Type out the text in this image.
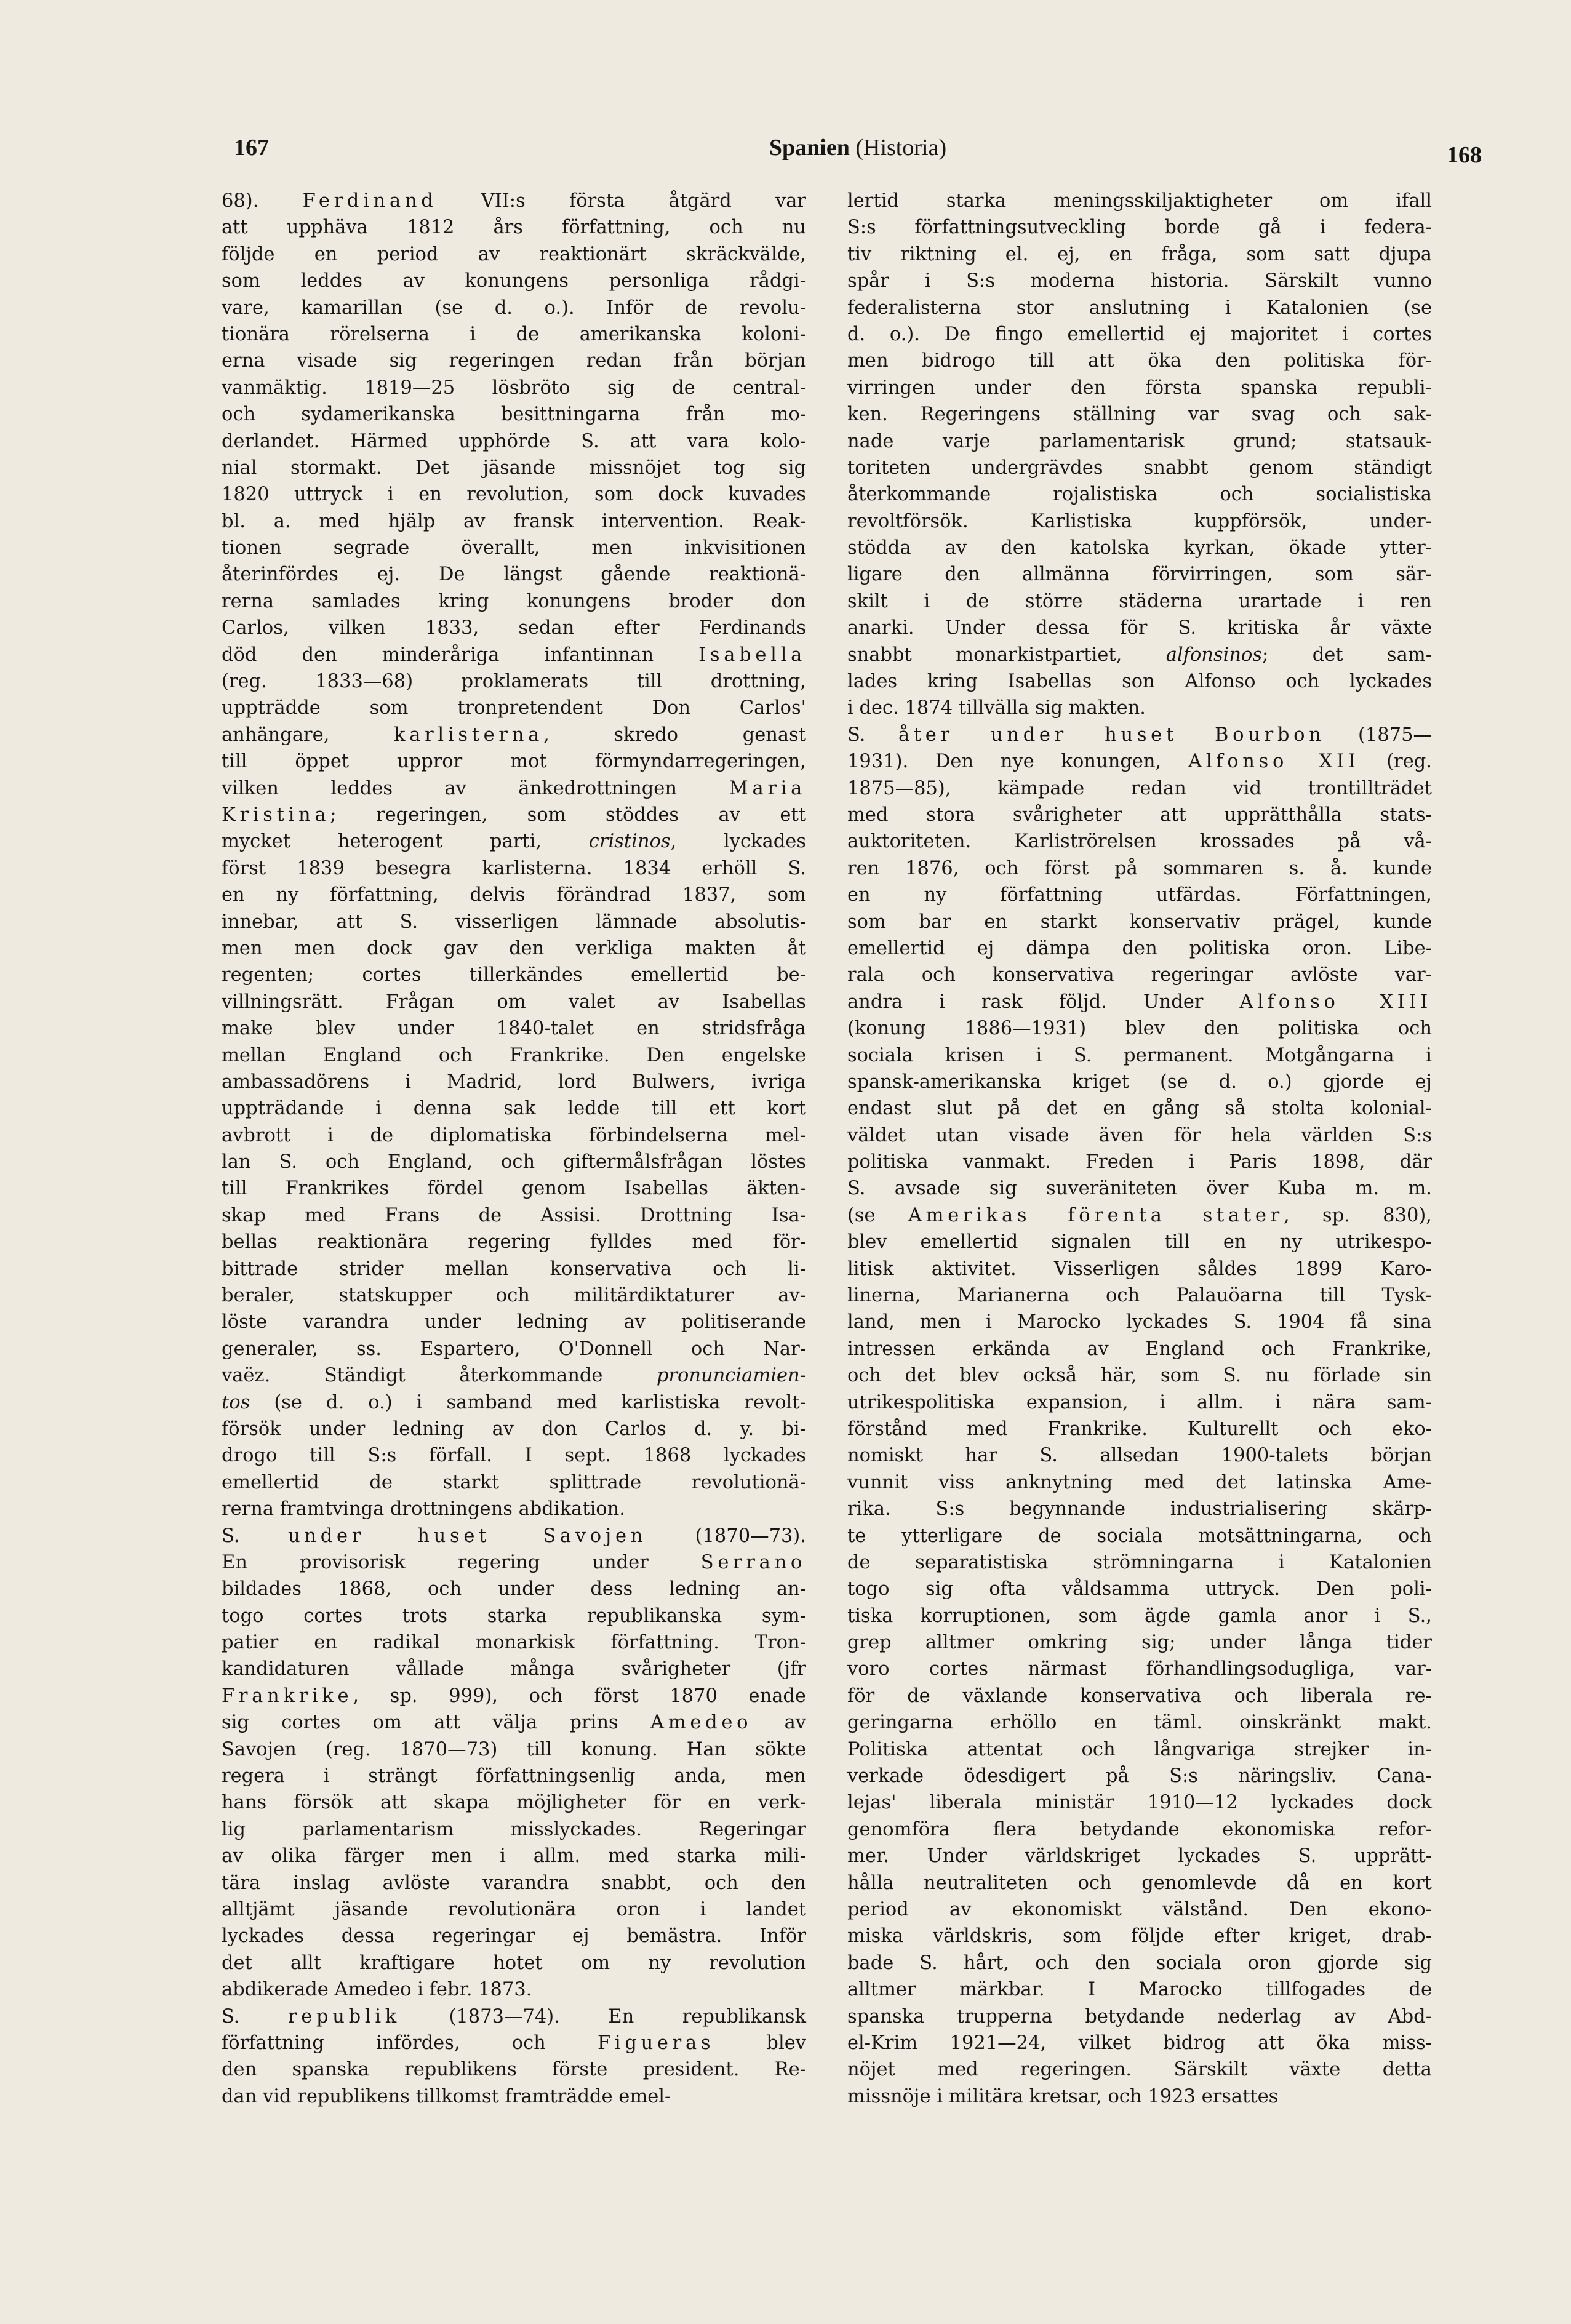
167	Spanien (Historia)	168
68). Ferdinand VII:s första åtgärd var
att upphäva 1812 års författning, och nu
följde en period av reaktionärt skräckvälde,
som leddes av konungens personliga rådgi-
vare, kamarillan (se d. o.). Inför de revolu-
tionära rörelserna i de amerikanska koloni-
erna visade sig regeringen redan från början
vanmäktig. 1819—25 lösbröto sig de central-
och sydamerikanska besittningarna från mo-
derlandet. Härmed upphörde S. att vara kolo-
nial stormakt. Det jäsande missnöjet tog sig
1820 uttryck i en revolution, som dock kuvades
bl. a. med hjälp av fransk intervention. Reak-
tionen segrade överallt, men inkvisitionen
återinfördes ej. De längst gående reaktionä-
rerna samlades kring konungens broder don
Carlos, vilken 1833, sedan efter Ferdinands
död den minderåriga infantinnan Isabella
(reg. 1833—68) proklamerats till drottning,
uppträdde som tronpretendent Don Carlos'
anhängare, karlisterna, skredo genast
till öppet uppror mot förmyndarregeringen,
vilken leddes av änkedrottningen Maria
Kristina; regeringen, som stöddes av ett
mycket heterogent parti, cristinos, lyckades
först 1839 besegra karlisterna. 1834 erhöll S.
en ny författning, delvis förändrad 1837, som
innebar, att S. visserligen lämnade absolutis-
men men dock gav den verkliga makten åt
regenten; cortes tillerkändes emellertid be-
villningsrätt. Frågan om valet av Isabellas
make blev under 1840-talet en stridsfråga
mellan England och Frankrike. Den engelske
ambassadörens i Madrid, lord Bulwers, ivriga
uppträdande i denna sak ledde till ett kort
avbrott i de diplomatiska förbindelserna mel-
lan S. och England, och giftermålsfrågan löstes
till Frankrikes fördel genom Isabellas äkten-
skap med Frans de Assisi. Drottning Isa-
bellas reaktionära regering fylldes med för-
bittrade strider mellan konservativa och li-
beraler, statskupper och militärdiktaturer av-
löste varandra under ledning av politiserande
generaler, ss. Espartero, O'Donnell och Nar-
vaëz. Ständigt återkommande pronunciamien-
tos (se d. o.) i samband med karlistiska revolt-
försök under ledning av don Carlos d. y. bi-
drogo till S:s förfall. I sept. 1868 lyckades
emellertid de starkt splittrade revolutionä-
rerna framtvinga drottningens abdikation.
S. under huset Savojen (1870—73).
En provisorisk regering under Serrano
bildades 1868, och under dess ledning an-
togo cortes trots starka republikanska sym-
patier en radikal monarkisk författning. Tron-
kandidaturen vållade många svårigheter (jfr
Frankrike, sp. 999), och först 1870 enade
sig cortes om att välja prins Amedeo av
Savojen (reg. 1870—73) till konung. Han sökte
regera i strängt författningsenlig anda, men
hans försök att skapa möjligheter för en verk-
lig parlamentarism misslyckades. Regeringar
av olika färger men i allm. med starka mili-
tära inslag avlöste varandra snabbt, och den
alltjämt jäsande revolutionära oron i landet
lyckades dessa regeringar ej bemästra. Inför
det allt kraftigare hotet om ny revolution
abdikerade Amedeo i febr. 1873.
S. republik (1873—74). En republikansk
författning infördes, och Figueras blev
den spanska republikens förste president. Re-
dan vid republikens tillkomst framträdde emel-
lertid starka meningsskiljaktigheter om ifall
S:s författningsutveckling borde gå i federa-
tiv riktning el. ej, en fråga, som satt djupa
spår i S:s moderna historia. Särskilt vunno
federalisterna stor anslutning i Katalonien (se
d. o.). De fingo emellertid ej majoritet i cortes
men bidrogo till att öka den politiska för-
virringen under den första spanska republi-
ken. Regeringens ställning var svag och sak-
nade varje parlamentarisk grund; statsauk-
toriteten undergrävdes snabbt genom ständigt
återkommande rojalistiska och socialistiska
revoltförsök. Karlistiska kuppförsök, under-
stödda av den katolska kyrkan, ökade ytter-
ligare den allmänna förvirringen, som sär-
skilt i de större städerna urartade i ren
anarki. Under dessa för S. kritiska år växte
snabbt monarkistpartiet, alfonsinos; det sam-
lades kring Isabellas son Alfonso och lyckades
i dec. 1874 tillvälla sig makten.
S. åter under huset Bourbon (1875—
1931). Den nye konungen, Alfonso XII (reg.
1875—85), kämpade redan vid trontillträdet
med stora svårigheter att upprätthålla stats-
auktoriteten. Karliströrelsen krossades på vå-
ren 1876, och först på sommaren s. å. kunde
en ny författning utfärdas. Författningen,
som bar en starkt konservativ prägel, kunde
emellertid ej dämpa den politiska oron. Libe-
rala och konservativa regeringar avlöste var-
andra i rask följd. Under Alfonso XIII
(konung 1886—1931) blev den politiska och
sociala krisen i S. permanent. Motgångarna i
spansk-amerikanska kriget (se d. o.) gjorde ej
endast slut på det en gång så stolta kolonial-
väldet utan visade även för hela världen S:s
politiska vanmakt. Freden i Paris 1898, där
S. avsade sig suveräniteten över Kuba m. m.
(se Amerikas förenta stater, sp. 830),
blev emellertid signalen till en ny utrikespo-
litisk aktivitet. Visserligen såldes 1899 Karo-
linerna, Marianerna och Palauöarna till Tysk-
land, men i Marocko lyckades S. 1904 få sina
intressen erkända av England och Frankrike,
och det blev också här, som S. nu förlade sin
utrikespolitiska expansion, i allm. i nära sam-
förstånd med Frankrike. Kulturellt och eko-
nomiskt har S. allsedan 1900-talets början
vunnit viss anknytning med det latinska Ame-
rika. S:s begynnande industrialisering skärp-
te ytterligare de sociala motsättningarna, och
de separatistiska strömningarna i Katalonien
togo sig ofta våldsamma uttryck. Den poli-
tiska korruptionen, som ägde gamla anor i S.,
grep alltmer omkring sig; under långa tider
voro cortes närmast förhandlingsodugliga, var-
för de växlande konservativa och liberala re-
geringarna erhöllo en täml. oinskränkt makt.
Politiska attentat och långvariga strejker in-
verkade ödesdigert på S:s näringsliv. Cana-
lejas' liberala ministär 1910—12 lyckades dock
genomföra flera betydande ekonomiska refor-
mer. Under världskriget lyckades S. upprätt-
hålla neutraliteten och genomlevde då en kort
period av ekonomiskt välstånd. Den ekono-
miska världskris, som följde efter kriget, drab-
bade S. hårt, och den sociala oron gjorde sig
alltmer märkbar. I Marocko tillfogades de
spanska trupperna betydande nederlag av Abd-
el-Krim 1921—24, vilket bidrog att öka miss-
nöjet med regeringen. Särskilt växte detta
missnöje i militära kretsar, och 1923 ersattes
